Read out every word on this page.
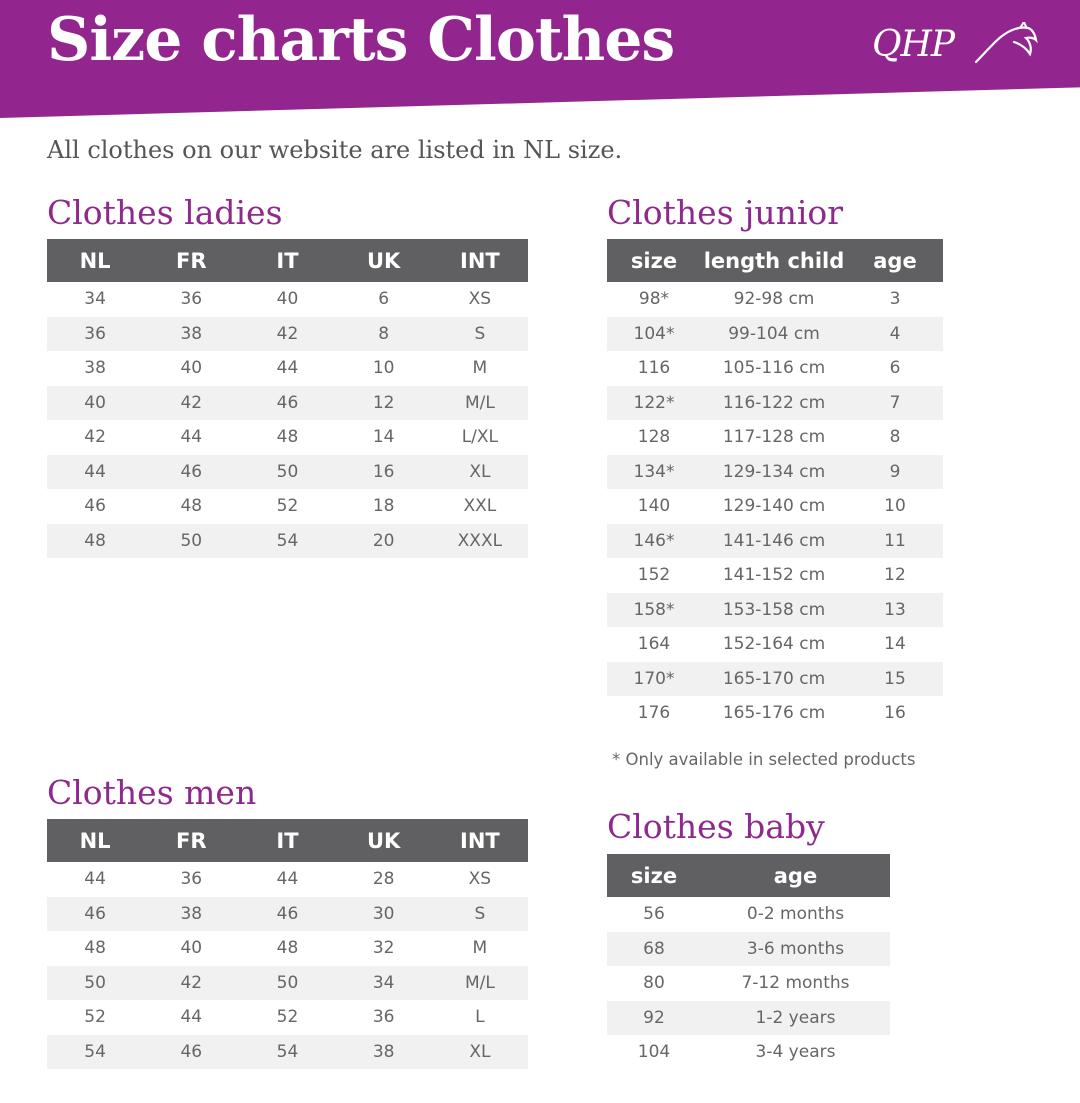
Size charts Clothes	QHP

All clothes on our website are listed in NL size.

Clothes ladies
NL	FR	IT	UK	INT
34	36	40	6	XS
36	38	42	8	S
38	40	44	10	M
40	42	46	12	M/L
42	44	48	14	L/XL
44	46	50	16	XL
46	48	52	18	XXL
48	50	54	20	XXXL
Clothes junior
size	length child	age
98*	92-98 cm	3
104*	99-104 cm	4
116	105-116 cm	6
122*	116-122 cm	7
128	117-128 cm	8
134*	129-134 cm	9
140	129-140 cm	10
146*	141-146 cm	11
152	141-152 cm	12
158*	153-158 cm	13
164	152-164 cm	14
170*	165-170 cm	15
176	165-176 cm	16

* Only available in selected products

Clothes men
NL	FR	IT	UK	INT
44	36	44	28	XS
46	38	46	30	S
48	40	48	32	M
50	42	50	34	M/L
52	44	52	36	L
54	46	54	38	XL
Clothes baby
size	age
56	0-2 months
68	3-6 months
80	7-12 months
92	1-2 years
104	3-4 years
